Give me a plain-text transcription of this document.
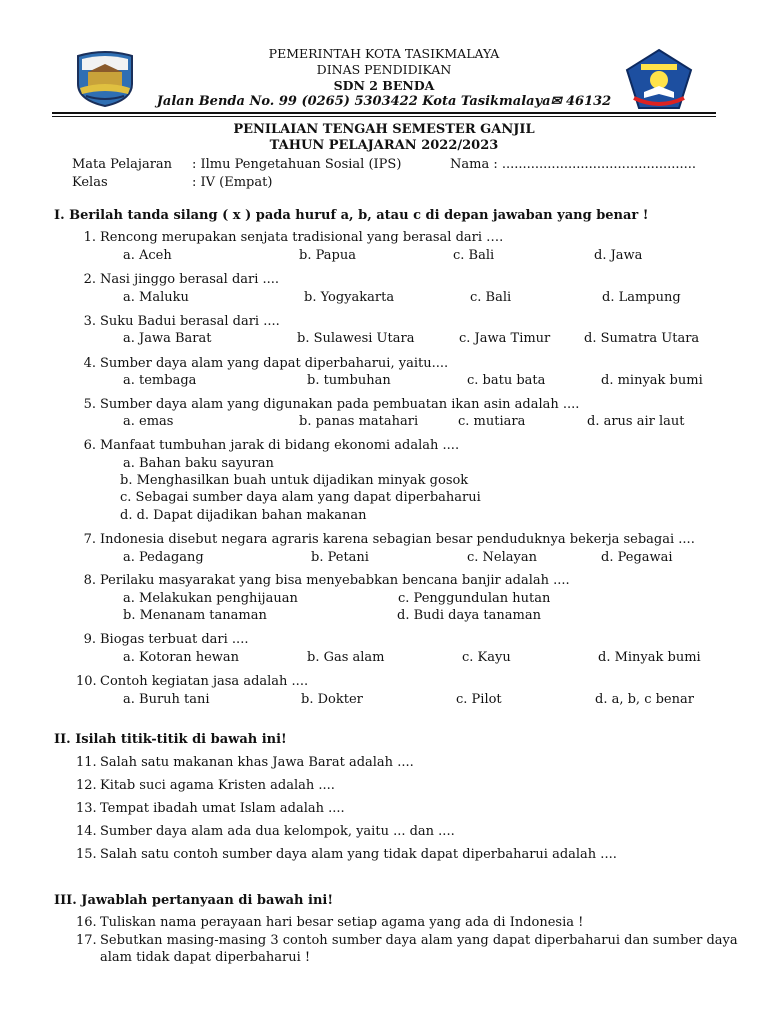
PEMERINTAH KOTA TASIKMALAYA
DINAS PENDIDIKAN
SDN 2 BENDA
Jalan Benda No. 99 (0265) 5303422 Kota Tasikmalaya✉ 46132
PENILAIAN TENGAH SEMESTER GANJIL
TAHUN PELAJARAN 2022/2023
Mata Pelajaran : Ilmu Pengetahuan Sosial (IPS)	Nama : ...............................................
Kelas	: IV (Empat)
I. Berilah tanda silang ( x ) pada huruf a, b, atau c di depan jawaban yang benar !
1. Rencong merupakan senjata tradisional yang berasal dari ….
a. Aceh	b. Papua	c. Bali	d. Jawa
2. Nasi jinggo berasal dari ....
a. Maluku	b. Yogyakarta	c. Bali	d. Lampung
3. Suku Badui berasal dari ....
a. Jawa Barat	b. Sulawesi Utara	c. Jawa Timur	d. Sumatra Utara
4. Sumber daya alam yang dapat diperbaharui, yaitu....
a. tembaga	b. tumbuhan	c. batu bata	d. minyak bumi
5. Sumber daya alam yang digunakan pada pembuatan ikan asin adalah ....
a. emas	b. panas matahari	c. mutiara	d. arus air laut
6. Manfaat tumbuhan jarak di bidang ekonomi adalah ....
a. Bahan baku sayuran
b. Menghasilkan buah untuk dijadikan minyak gosok
c. Sebagai sumber daya alam yang dapat diperbaharui
d. d. Dapat dijadikan bahan makanan
7. Indonesia disebut negara agraris karena sebagian besar penduduknya bekerja sebagai ....
a. Pedagang	b. Petani	c. Nelayan	d. Pegawai
8. Perilaku masyarakat yang bisa menyebabkan bencana banjir adalah ....
a. Melakukan penghijauan	c. Penggundulan hutan
b. Menanam tanaman	d. Budi daya tanaman
9. Biogas terbuat dari ....
a. Kotoran hewan	b. Gas alam	c. Kayu	d. Minyak bumi
10. Contoh kegiatan jasa adalah ....
a. Buruh tani	b. Dokter	c. Pilot	d. a, b, c benar
II. Isilah titik-titik di bawah ini!
11. Salah satu makanan khas Jawa Barat adalah ....
12. Kitab suci agama Kristen adalah ....
13. Tempat ibadah umat Islam adalah ....
14. Sumber daya alam ada dua kelompok, yaitu ... dan ....
15. Salah satu contoh sumber daya alam yang tidak dapat diperbaharui adalah ....
III. Jawablah pertanyaan di bawah ini!
16. Tuliskan nama perayaan hari besar setiap agama yang ada di Indonesia !
17. Sebutkan masing-masing 3 contoh sumber daya alam yang dapat diperbaharui dan sumber daya
alam tidak dapat diperbaharui !
